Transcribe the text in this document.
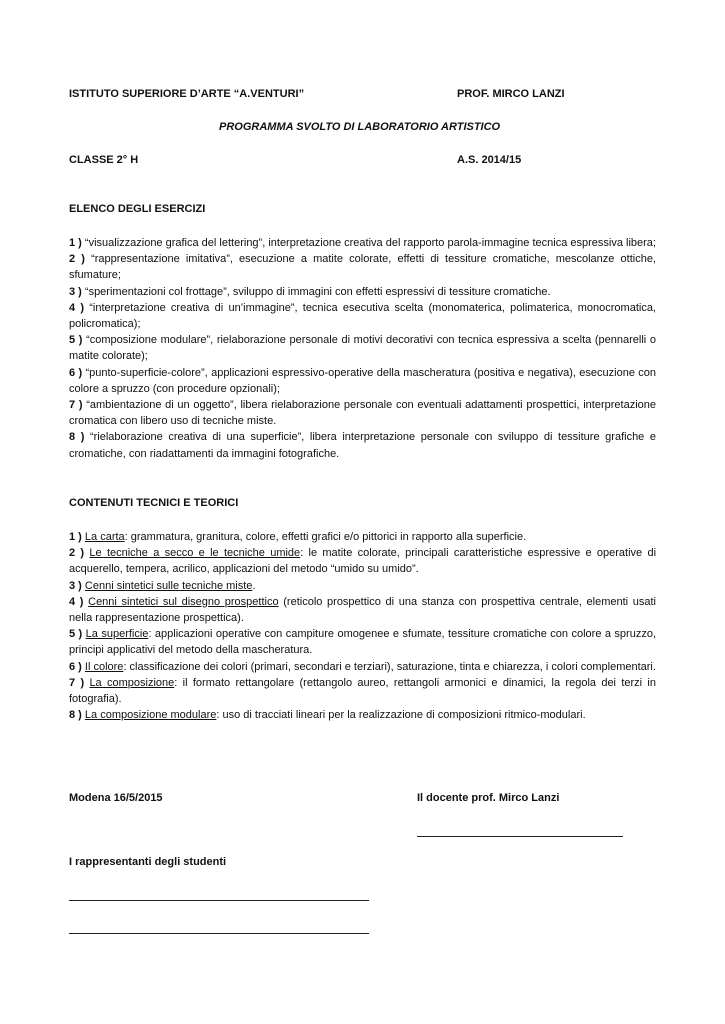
ISTITUTO SUPERIORE D’ARTE “A.VENTURI”	PROF. MIRCO LANZI
PROGRAMMA SVOLTO DI LABORATORIO ARTISTICO
CLASSE 2° H	A.S. 2014/15
ELENCO DEGLI ESERCIZI
1 ) “visualizzazione grafica del lettering”, interpretazione creativa del rapporto parola-immagine tecnica espressiva libera;
2 ) “rappresentazione imitativa”, esecuzione a matite colorate, effetti di tessiture cromatiche, mescolanze ottiche, sfumature;
3 ) “sperimentazioni col frottage”, sviluppo di immagini con effetti espressivi di tessiture cromatiche.
4 ) “interpretazione creativa di un’immagine”, tecnica esecutiva scelta (monomaterica, polimaterica, monocromatica, policromatica);
5 ) “composizione modulare”, rielaborazione personale di motivi decorativi con tecnica espressiva a scelta (pennarelli o matite colorate);
6 ) “punto-superficie-colore”, applicazioni espressivo-operative della mascheratura (positiva e negativa), esecuzione con colore a spruzzo (con procedure opzionali);
7 ) “ambientazione di un oggetto”, libera rielaborazione personale con eventuali adattamenti prospettici, interpretazione cromatica con libero uso di tecniche miste.
8 ) “rielaborazione creativa di una superficie”, libera interpretazione personale con sviluppo di tessiture grafiche e cromatiche, con riadattamenti da immagini fotografiche.
CONTENUTI TECNICI E TEORICI
1 ) La carta: grammatura, granitura, colore, effetti grafici e/o pittorici in rapporto alla superficie.
2 ) Le tecniche a secco e le tecniche umide: le matite colorate, principali caratteristiche espressive e operative di acquerello, tempera, acrilico, applicazioni del metodo “umido su umido”.
3 ) Cenni sintetici sulle tecniche miste.
4 ) Cenni sintetici sul disegno prospettico (reticolo prospettico di una stanza con prospettiva centrale, elementi usati nella rappresentazione prospettica).
5 ) La superficie: applicazioni operative con campiture omogenee e sfumate, tessiture cromatiche con colore a spruzzo, principi applicativi del metodo della mascheratura.
6 ) Il colore: classificazione dei colori (primari, secondari e terziari), saturazione, tinta e chiarezza, i colori complementari.
7 ) La composizione: il formato rettangolare (rettangolo aureo, rettangoli armonici e dinamici, la regola dei terzi in fotografia).
8 ) La composizione modulare: uso di tracciati lineari per la realizzazione di composizioni ritmico-modulari.
Modena 16/5/2015	Il docente prof. Mirco Lanzi
I rappresentanti degli studenti
